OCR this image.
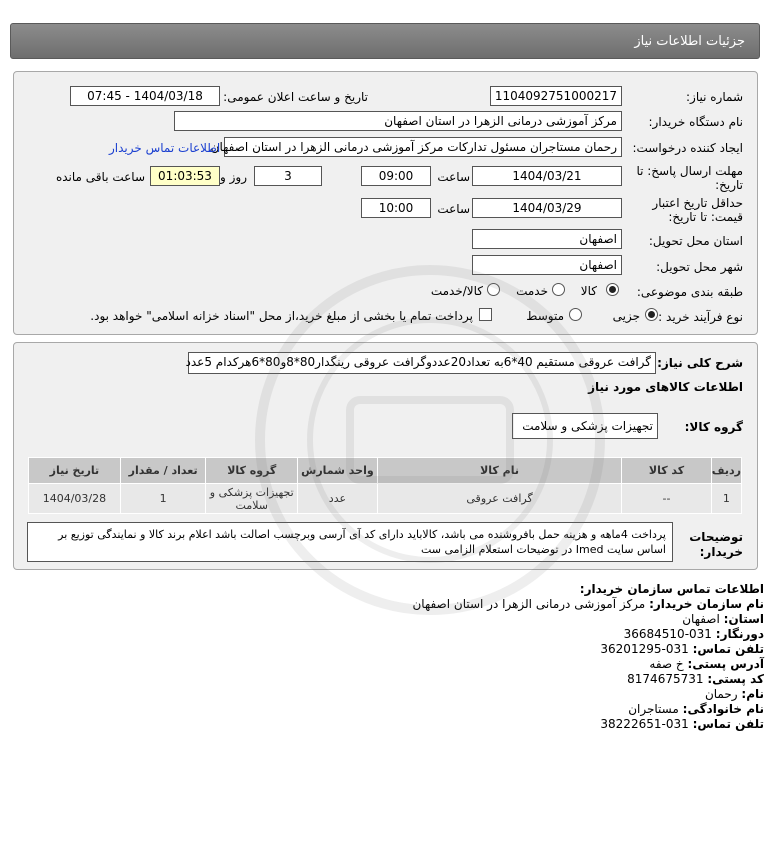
جزئیات اطلاعات نیاز
شماره نیاز:
1104092751000217
تاریخ و ساعت اعلان عمومی:
1404/03/18 - 07:45
نام دستگاه خریدار:
مرکز آموزشی درمانی الزهرا در استان اصفهان
ایجاد کننده درخواست:
رحمان مستاجران مسئول تدارکات مرکز آموزشی درمانی الزهرا در استان اصفهان
اطلاعات تماس خریدار
مهلت ارسال پاسخ: تا
تاریخ:
1404/03/21
ساعت
09:00
3
روز و
01:03:53
ساعت باقی مانده
حداقل تاریخ اعتبار
قیمت: تا تاریخ:
1404/03/29
ساعت
10:00
استان محل تحویل:
اصفهان
شهر محل تحویل:
اصفهان
طبقه بندی موضوعی:
کالا
خدمت
کالا/خدمت
نوع فرآیند خرید :
جزیی
متوسط
پرداخت تمام یا بخشی از مبلغ خرید،از محل "اسناد خزانه اسلامی" خواهد بود.
شرح کلی نیاز:
گرافت عروقی مستقیم 40*6به تعداد20عددوگرافت عروقی رینگدار80*8و80*6هرکدام 5عدد
اطلاعات کالاهای مورد نیاز
گروه کالا:
تجهیزات پزشکی و سلامت
ردیف	کد کالا	نام کالا	واحد شمارش	گروه کالا	تعداد / مقدار	تاریخ نیاز
1	--	گرافت عروقی	عدد	تجهیزات پزشکی و سلامت	1	1404/03/28
توضیحات
خریدار:
پرداخت 4ماهه و هزینه حمل بافروشنده می باشد، کالاباید دارای کد آی آرسی وبرچسب اصالت باشد اعلام برند کالا و نمایندگی توزیع بر اساس سایت Imed در توضیحات استعلام الزامی ست
اطلاعات تماس سازمان خریدار:
نام سازمان خریدار: مرکز آموزشی درمانی الزهرا در استان اصفهان
استان: اصفهان
دورنگار: 031-36684510
تلفن تماس: 031-36201295
آدرس پستی: خ صفه
کد پستی: 8174675731
نام: رحمان
نام خانوادگی: مستاجران
تلفن تماس: 031-38222651
